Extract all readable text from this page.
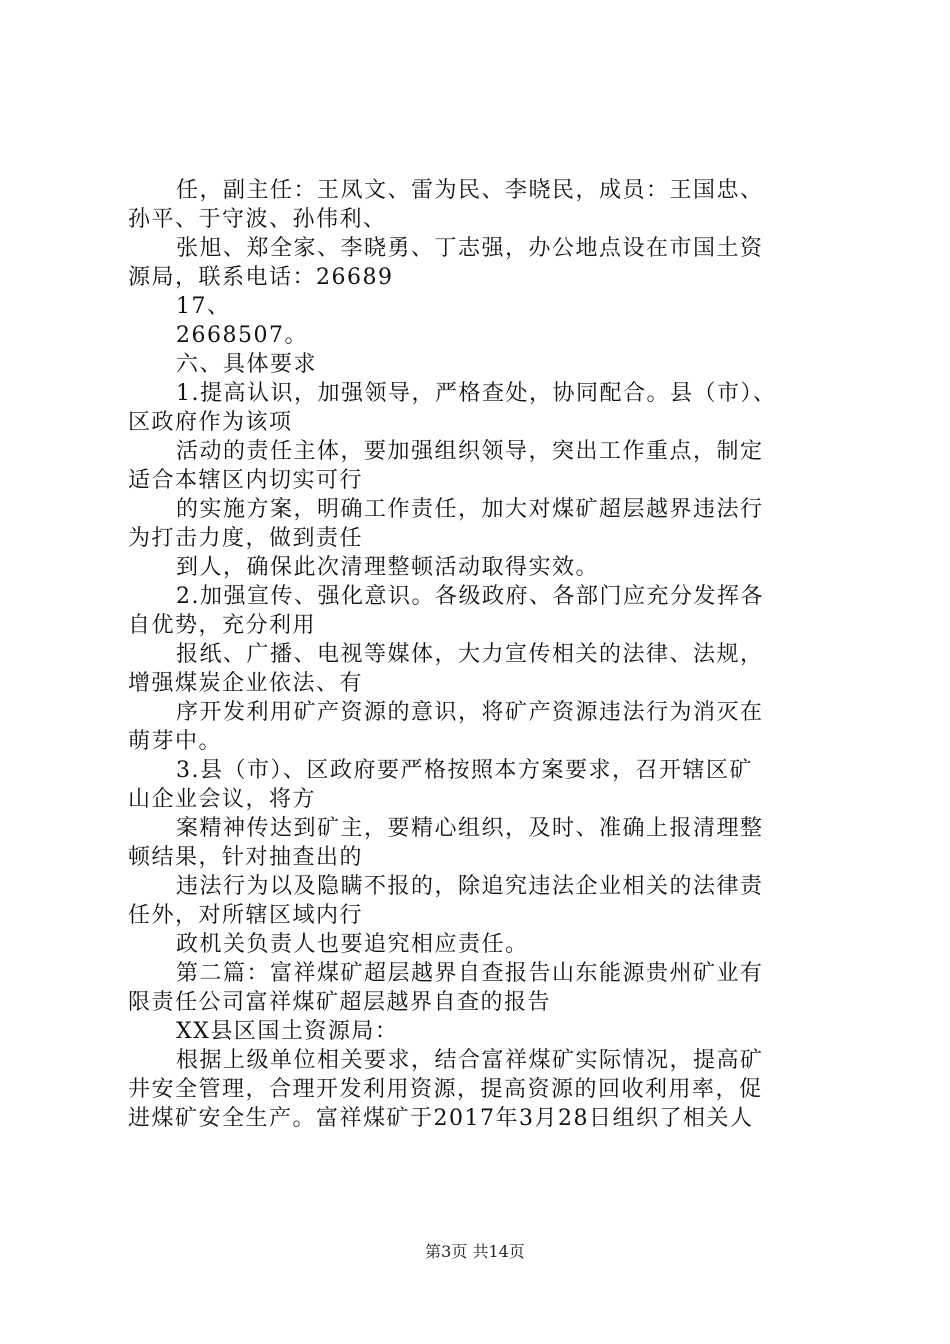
任，副主任：王凤文、雷为民、李晓民，成员：王国忠、
孙平、于守波、孙伟利、
张旭、郑全家、李晓勇、丁志强，办公地点设在市国土资
源局，联系电话：26689
17、
2668507。
六、具体要求
1.提高认识，加强领导，严格查处，协同配合。县（市）、
区政府作为该项
活动的责任主体，要加强组织领导，突出工作重点，制定
适合本辖区内切实可行
的实施方案，明确工作责任，加大对煤矿超层越界违法行
为打击力度，做到责任
到人，确保此次清理整顿活动取得实效。
2.加强宣传、强化意识。各级政府、各部门应充分发挥各
自优势，充分利用
报纸、广播、电视等媒体，大力宣传相关的法律、法规，
增强煤炭企业依法、有
序开发利用矿产资源的意识，将矿产资源违法行为消灭在
萌芽中。
3.县（市）、区政府要严格按照本方案要求，召开辖区矿
山企业会议，将方
案精神传达到矿主，要精心组织，及时、准确上报清理整
顿结果，针对抽查出的
违法行为以及隐瞒不报的，除追究违法企业相关的法律责
任外，对所辖区域内行
政机关负责人也要追究相应责任。
第二篇：富祥煤矿超层越界自查报告山东能源贵州矿业有
限责任公司富祥煤矿超层越界自查的报告
XX县区国土资源局：
根据上级单位相关要求，结合富祥煤矿实际情况，提高矿
井安全管理，合理开发利用资源，提高资源的回收利用率，促
进煤矿安全生产。富祥煤矿于2017年3月28日组织了相关人
第3页 共14页
